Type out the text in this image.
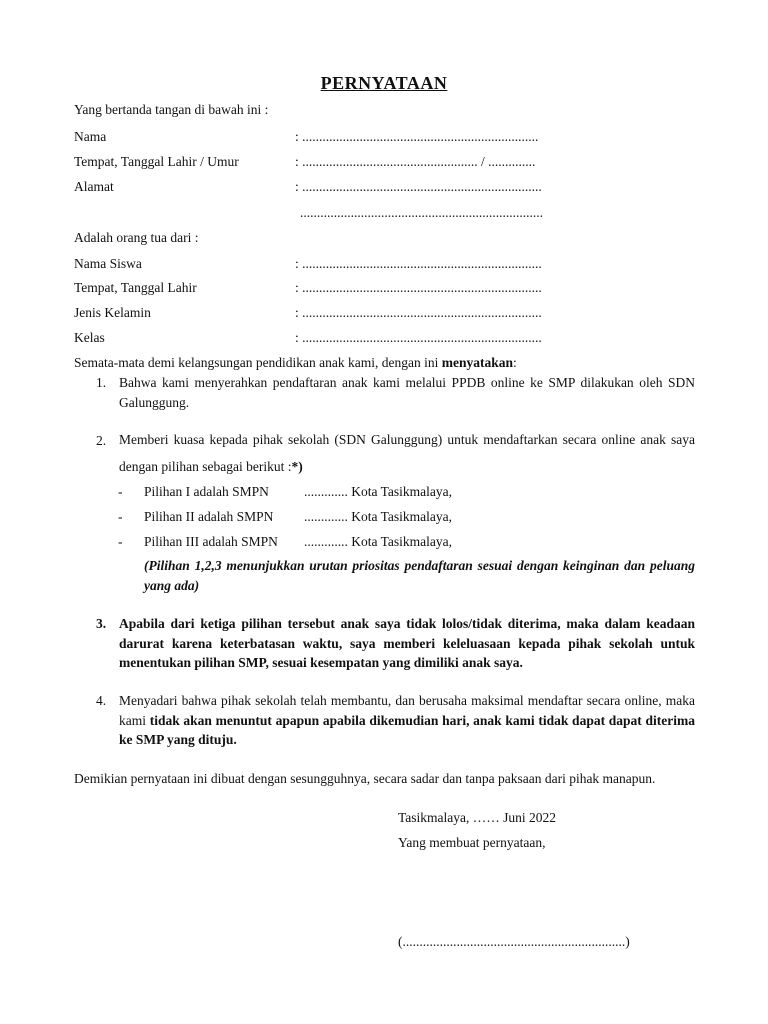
PERNYATAAN
Yang bertanda tangan di bawah ini :
Nama	: ......................................................................
Tempat, Tanggal Lahir / Umur	: .................................................... / ..............
Alamat	: .......................................................................
........................................................................
Adalah orang tua dari :
Nama Siswa	: .......................................................................
Tempat, Tanggal Lahir	: .......................................................................
Jenis Kelamin	: .......................................................................
Kelas	: .......................................................................
Semata-mata demi kelangsungan pendidikan anak kami, dengan ini menyatakan:
1. Bahwa kami menyerahkan pendaftaran anak kami melalui PPDB online ke SMP dilakukan oleh SDN Galunggung.
2. Memberi kuasa kepada pihak sekolah (SDN Galunggung) untuk mendaftarkan secara online anak saya dengan pilihan sebagai berikut :*)
- Pilihan I adalah SMPN	............. Kota Tasikmalaya,
- Pilihan II adalah SMPN ............. Kota Tasikmalaya,
- Pilihan III adalah SMPN ............. Kota Tasikmalaya,
(Pilihan 1,2,3 menunjukkan urutan priositas pendaftaran sesuai dengan keinginan dan peluang yang ada)
3. Apabila dari ketiga pilihan tersebut anak saya tidak lolos/tidak diterima, maka dalam keadaan darurat karena keterbatasan waktu, saya memberi keleluasaan kepada pihak sekolah untuk menentukan pilihan SMP, sesuai kesempatan yang dimiliki anak saya.
4. Menyadari bahwa pihak sekolah telah membantu, dan berusaha maksimal mendaftar secara online, maka kami tidak akan menuntut apapun apabila dikemudian hari, anak kami tidak dapat dapat diterima ke SMP yang dituju.
Demikian pernyataan ini dibuat dengan sesungguhnya, secara sadar dan tanpa paksaan dari pihak manapun.
Tasikmalaya, …… Juni 2022
Yang membuat pernyataan,
(..................................................................)
